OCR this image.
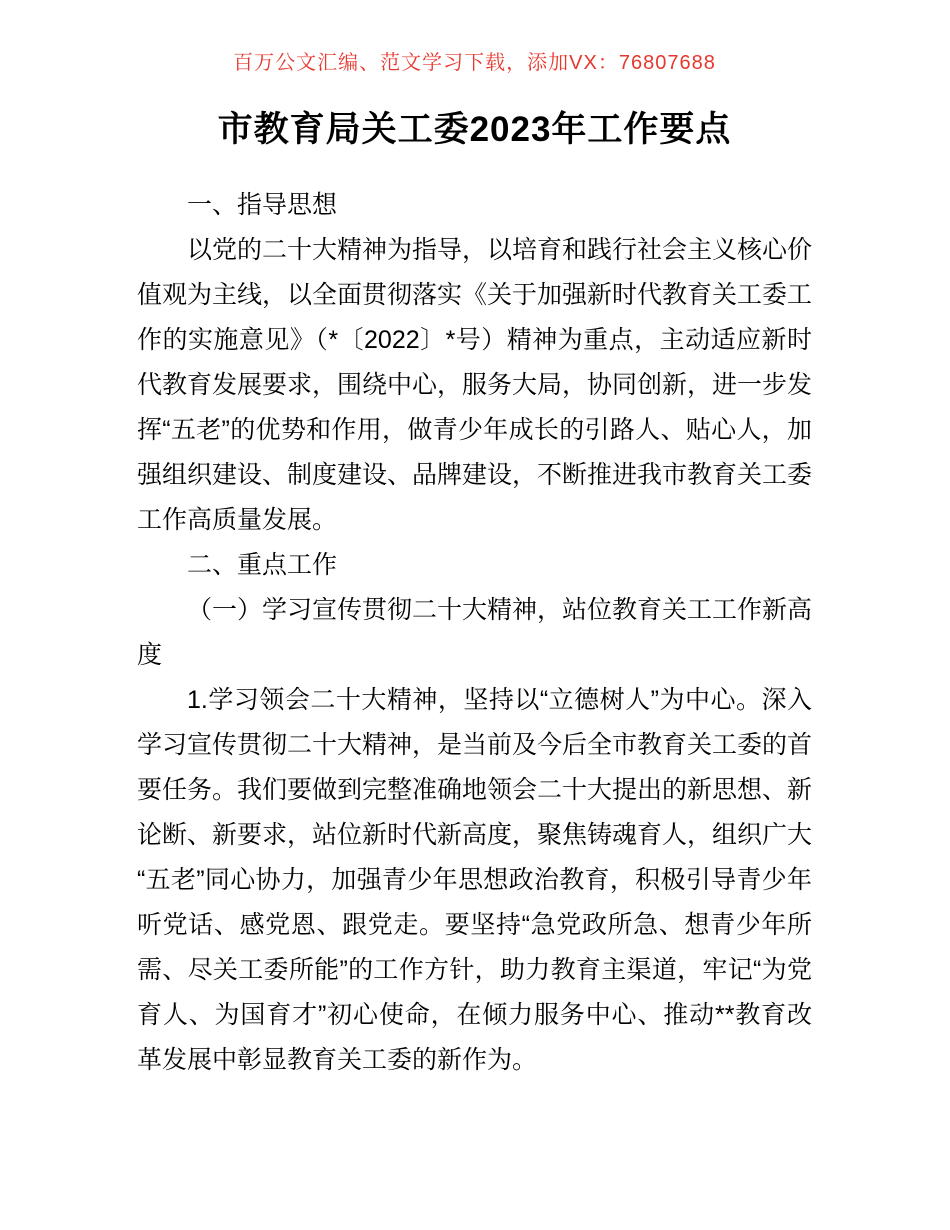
百万公文汇编、范文学习下载，添加VX：76807688
市教育局关工委2023年工作要点

一、指导思想

以党的二十大精神为指导，以培育和践行社会主义核心价值观为主线，以全面贯彻落实《关于加强新时代教育关工委工作的实施意见》（*〔2022〕*号）精神为重点，主动适应新时代教育发展要求，围绕中心，服务大局，协同创新，进一步发挥“五老”的优势和作用，做青少年成长的引路人、贴心人，加强组织建设、制度建设、品牌建设，不断推进我市教育关工委工作高质量发展。

二、重点工作

（一）学习宣传贯彻二十大精神，站位教育关工工作新高度

1.学习领会二十大精神，坚持以“立德树人”为中心。深入学习宣传贯彻二十大精神，是当前及今后全市教育关工委的首要任务。我们要做到完整准确地领会二十大提出的新思想、新论断、新要求，站位新时代新高度，聚焦铸魂育人，组织广大“五老”同心协力，加强青少年思想政治教育，积极引导青少年听党话、感党恩、跟党走。要坚持“急党政所急、想青少年所需、尽关工委所能”的工作方针，助力教育主渠道，牢记“为党育人、为国育才”初心使命，在倾力服务中心、推动**教育改革发展中彰显教育关工委的新作为。
